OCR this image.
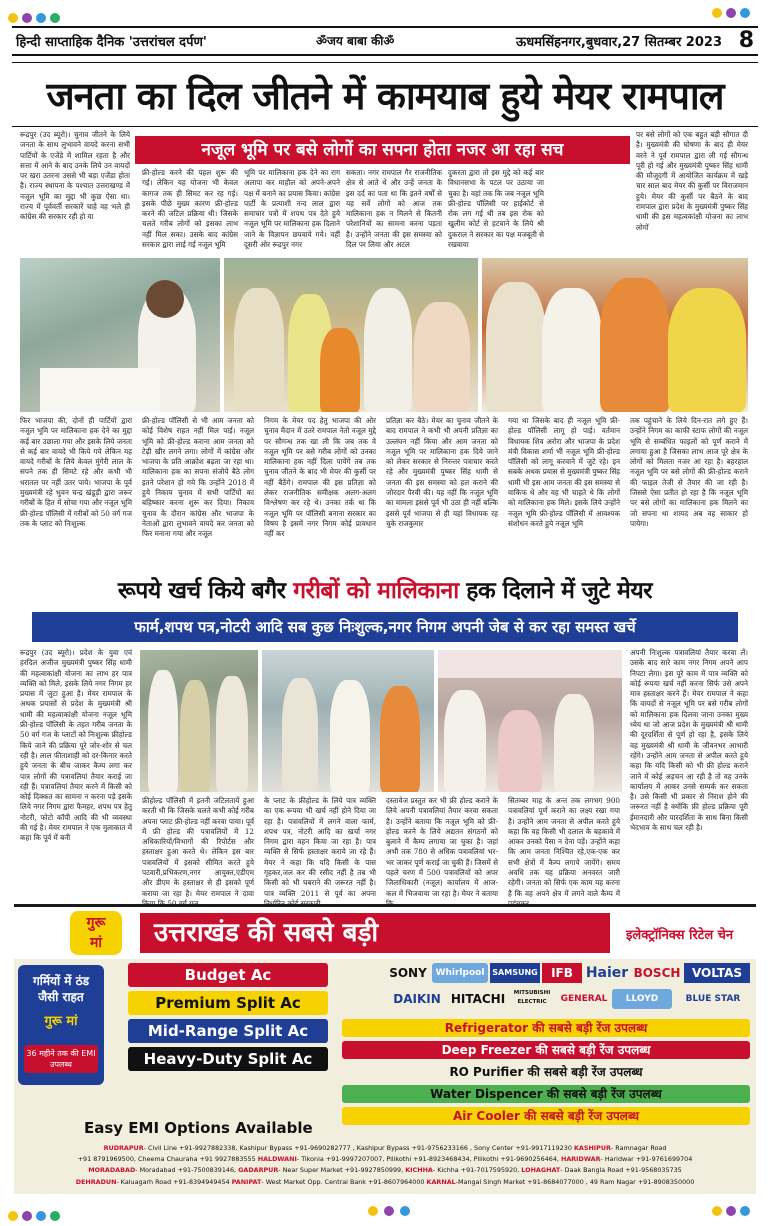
हिन्दी साप्ताहिक दैनिक 'उत्तरांचल दर्पण'	ॐजय बाबा कीॐ	ऊधमसिंहनगर,बुधवार,27 सितम्बर 2023 8
जनता का दिल जीतने में कामयाब हुये मेयर रामपाल
रूद्रपुर (उद ब्यूरो)। चुनाव जीतने के लिये जनता के साथ लुभावने वायदे करना सभी पार्टियों के एजेंडे में शामिल रहता है और सत्ता में आने के बाद उनके लिये उन वायदों पर खरा उतरना उससे भी बड़ा एजेंडा होता है। राज्य स्थापना के पश्चात उत्तराखण्ड में नजूल भूमि का मुद्दा भी कुछ ऐसा था। राज्य में पूर्ववर्ती सरकारें चाहे वह भले ही कांग्रेस की सरकार रही हो या
नजूल भूमि पर बसे लोगों का सपना होता नजर आ रहा सच
फ्री-होल्ड करने की पहल शुरू की गई। लेकिन यह योजना भी केवल कागज तक ही सिमट कर रह गई। इसके पीछे मुख्य कारण फ्री-होल्ड करने की जटिल प्रक्रिया थी। जिसके चलते गरीब लोगों को इसका लाभ नहीं मिल सका। उसके बाद कांग्रेस सरकार द्वारा लाई गई नजूल भूमि
भूमि पर मालिकाना हक देने का राग अलापा कर माहौल को अपने-अपने पक्ष में बनाने का प्रयास किया। कांग्रेस पार्टी के प्रत्याशी नन्द लाल द्वारा समाचार पत्रों में शपथ पत्र देते हुये नजूल भूमि पर मालिकाना हक दिलाने जाने के विज्ञापन छपवाये गये। वहीं दूसरी ओर रूद्रपुर नगर
सकता। नगर रामपाल गैर राजनीतिक क्षेत्र से आते थे और उन्हें जनता के इस दर्द का पता था कि इतने वर्षों से यह सर्वे लोगों को आज तक मालिकाना हक न मिलने से कितनी परेशानियों का सामना करना पड़ता है। उन्होंने जनता की इस समस्या को दिल पर लिया और अटल
दुकरता द्वारा तो इस मुद्दे को कई बार विधानसभा के पटल पर उठाया जा चुका है। वहां तक कि जब नजूल भूमि फ्री-होल्ड पॉलिसी पर हाईकोर्ट से रोक लग गई थी तब इस रोक को खुलीम कोर्ट से हटवाने के लिये श्री दुकराल ने सरकार का पक्ष मजबूती से रखवाया
पर बसे लोगों को एक बहुत बड़ी सौगात दी है। मुख्यमंत्री की घोषणा के बाद ही मेयर वरने ने पूर्व रामपाल द्वारा ली गई सौगन्ध पूरी हो गई और मुख्यमंत्री पुष्कर सिंह धामी की मौजूदगी में आयोजित कार्यक्रम में खड़े चार साल बाद मेयर की कुर्सी पर विराजमान हुये। मेयर की कुर्सी पर बैठने के बाद रामपाल द्वारा प्रदेश के मुख्यमंत्री पुष्कर सिंह धामी की इस महत्वकांक्षी योजना का लाभ लोगों
फिर भाजपा की, दोनों ही पार्टियों द्वारा नजूल भूमि पर मालिकाना हक देने का मुद्दा कई बार उछाला गया और इसके लिये जनता से कई बार वायदे भी किये गये लेकिन यह वायदे गरीबों के लिये केवल मुंगेरी लाल के सपने तक ही सिमटे रहे और कभी भी धरातल पर नहीं उतर पाये। भाजपा के पूर्व मुख्यमंत्री रहे भुवन चन्द्र खंडूड़ी द्वारा जरूर गरीबों के हित में सोचा गया और नजूल भूमि फ्री-होल्ड पॉलिसी में गरीबों को 50 वर्ग गज तक के प्लाट को निःशुल्क
फ्री-होल्ड पॉलिसी से भी आम जनता को कोई विशेष राहत नहीं मिल पाई। नजूल भूमि को फ्री-होल्ड कराना आम जनता को टेढ़ी खीर लगने लगा। लोगों में कांग्रेस और भाजपा के प्रति आक्रोश बढ़ता जा रहा था। मालिकाना हक का सपना संजोये बैठे लोग इतने परेशान हो गये कि उन्होंने 2018 में हुये निकाय चुनाव में सभी पार्टियों का बहिष्कार करना शुरू कर दिया। निकाय चुनाव के दौरान कांग्रेस और भाजपा के नेताओं द्वारा लुभावने वायदे कर जनता को फिर मनाना गया और नजूल
निगम के मेयर पद हेतु भाजपा की ओर चुनाव मैदान में उतरे रामपाल नेतो नजूल मुद्दे पर सौगन्ध तक खा ली कि जब तक वे नजूल भूमि पर बसे गरीब लोगों को उनका मालिकाना हक नहीं दिला पायेंगे तब तक चुनाव जीतने के बाद भी मेयर की कुर्सी पर नहीं बैठेंगे। रामपाल की इस प्रतिज्ञा को लेकर राजनीतिक समीक्षक अलग-अलग विश्लेषण कर रहे थे। उनका तर्क था कि नजूल भूमि पर पॉलिसी बनाना सरकार का विषय है इसमें नगर निगम कोई प्रावधान नहीं कर
प्रतिज्ञा कर बैठे। मेयर का चुनाव जीतने के बाद रामपाल ने कभी भी अपनी प्रतिज्ञा का उल्लंघन नहीं किया और आम जनता को नजूल भूमि पर मालिकाना हक दिये जाने को लेकर सरकार से निरन्तर पत्राचार करते रहे और मुख्यमंत्री पुष्कर सिंह धामी से जनता की इस समस्या को हल कराने की जोरदार पैरवी की। यह नहीं कि नजूल भूमि का मामला इससे पूर्व भी उठा ही नहीं बल्कि इससे पूर्व भाजपा से ही यहां विधायक रह चुके राजकुमार
गया था जिसके बाद ही नजूल भूमि फ्री-होल्ड पॉलिसी लागू हो पाई। वर्तमान विधायक शिव अरोरा और भाजपा के प्रदेश मंत्री विकास शर्मा भी नजूल भूमि फ्री-होल्ड पॉलिसी को लागू करवाने में जुटे रहे। इन सबके अथक प्रयास से मुख्यमंत्री पुष्कर सिंह धामी भी इस आम जनता की इस समस्या से वाकिफ थे और वह भी चाहते थे कि लोगों को मालिकाना हक मिले। इसके लिये उन्होंने नजूल भूमि फ्री-होल्ड पॉलिसी में आवश्यक संशोधन करते हुये नजूल भूमि
तक पहुंचाने के लिये दिन-रात लगे हुए हैं। उन्होंने निगम का काफी स्टाफ लोगों की नजूल भूमि से सम्बंधित फाइलों को पूर्ण कराने में लगाया हुआ है जिसका लाभ आज पूरे क्षेत्र के लोगों को मिलता नजर आ रहा है। बहरहाल नजूल भूमि पर बसे लोगों की फ्री-होल्ड कराने की फाइल तेजी से तैयार की जा रही है। जिससे ऐसा प्रतीत हो रहा है कि नजूल भूमि पर बसे लोगों का मालिकाना हक मिलने का जो सपना था शायद अब वह साकार हो पायेगा।
रूपये खर्च किये बगैर गरीबों को मालिकाना हक दिलाने में जुटे मेयर
फार्म,शपथ पत्र,नोटरी आदि सब कुछ निःशुल्क,नगर निगम अपनी जेब से कर रहा समस्त खर्चे
रूद्रपुर (उद ब्यूरो)। प्रदेश के युवा एवं हरदिल अजीज मुख्यमंत्री पुष्कर सिंह धामी की महत्वाकांक्षी योजना का लाभ हर पात्र व्यक्ति को मिले, इसके लिये नगर निगम हर प्रयास में जुटा हुआ है। मेयर रामपाल के अथक प्रयासों से प्रदेश के मुख्यमंत्री श्री धामी की महत्वाकांक्षी योजना नजूल भूमि फ्री-होल्ड पॉलिसी के तहत गरीब जनता के 50 वर्ग गज के प्लाटों को निःशुल्क फ्रीहोल्ड किये जाने की प्रक्रिया पूरे जोर-शोर से चल रही है। लाल फीताशाही को दर-किनार करते हुये जनता के बीच जाकर कैम्प लगा कर पात्र लोगों की पत्रावलियां तैयार कराई जा रही हैं। पत्रावलियां तैयार करने में किसी को कोई दिक्कत का सामना न करना पड़े इसके लिये नगर निगम द्वारा फैमहर, शपथ पत्र हेतु नोटरी, फोटो कॉपी आदि की भी व्यवस्था की गई है। मेयर रामपाल ने एक मुलाकात में कहा कि पूर्व में बनी
फ्रीहोल्ड पॉलिसी में इतनी जटिलतायें हुआ करती थी कि जिसके चलते कभी कोई गरीब अपना प्लाट फ्री-होल्ड नहीं करवा पाया। पूर्व में फ्री होल्ड की पत्रावलियों में 12 अधिकारियों/विभागों की रिपोर्टस और हस्ताक्षर हुआ करते थे। लेकिन इस बार पत्रावलियों में इसको सीमित करते हुये पटवारी,प्रभिकरण,नगर आयुक्त,एडीएम और डीएम के हस्ताक्षर से ही इसको पूर्ण कराया जा रहा है। मेयर रामपाल ने दावा
के प्लाट के फ्रीहोल्ड के लिये पात्र व्यक्ति का एक रूपया भी खर्च नहीं होने दिया जा रहा है। पत्रावलियों में लगने वाला फार्म, शपथ पत्र, नोटरी आदि का खर्चा नगर निगम द्वारा वहन किया जा रहा है। पात्र व्यक्ति से सिर्फ हस्ताक्षर कराये जा रहे हैं। मेयर ने कहा कि यदि किसी के पास गृहकर,जल कर की रसीद नहीं है तब भी किसी को भी घबराने की जरूरत नहीं है। पात्र व्यक्ति 2011 से पूर्व का अपना
दस्तावेज प्रस्तुत कर भी फ्री होल्ड कराने के लिये अपनी पत्रावलियां तैयार करवा सकता है। उन्होंने बताया कि नजूल भूमि को फ्री-होल्ड करने के लिये अद्यतन संगठनों को बुलाने में कैम्प लगाया जा चुका है। जहां अभी तक 780 से अधिक पत्रावलियां भर-भर जाकर पूर्ण कराई जा चुकी हैं। जिसमें से पहले चरण में 500 पत्रावलियों को अपर जिलाधिकारी (नजूल) कार्यालय में आज-कल में भिजवाया जा रहा है। मेयर ने बताया
सितम्बर माह के अन्त तक लगभग 900 पत्रावलियां पूर्ण कराने का लक्ष्य रखा गया है। उन्होंने आम जनता से अपील करते हुये कहा कि वह किसी भी दलाल के बहकावे में आकर उनको पैसा न देना पड़ें। उन्होंने कहा कि आम जनता निश्चित रहे,एक-एक कर सभी क्षेत्रों में कैम्प लगाये जायेंगे। समय अवधि तक यह प्रक्रिया अनवरत जारी रहेगी। जनता को सिर्फ एक काम यह करना है कि वह अपने क्षेत्र में लगने वाले कैम्प में
अपनी निःशुल्क पत्रावलियां तैयार करवा लें। उसके बाद सारे काम नगर निगम अपने आप निपटा लेगा। इस पूरे काम में पात्र व्यक्ति को कोई रूपया खर्च नहीं करना सिर्फ उसे अपने मात्र हस्ताक्षर करने हैं। मेयर रामपाल ने कहा कि वायदों से नजूल भूमि पर बसे गरीब लोगों को मालिकाना हक दिलवा जाना उनका मुख्य ध्येय था जो आज प्रदेश के मुख्यमंत्री श्री धामी की दूरदर्शिता से पूर्ण हो रहा है, इसके लिये वह मुख्यमंत्री श्री धामी के जीवनभर आभारी रहेंगे। उन्होंने आम जनता से अपील करते हुये कहा कि यदि किसी को भी फ्री होल्ड कराने जाने में कोई अड़चन आ रही है तो वह उनके कार्यालय में आकर उनसे सम्पर्क कर सकता है। उसे किसी भी प्रकार से निराश होने की जरूरत नहीं है क्योंकि फ्री होल्ड प्रक्रिया पूरी ईमानदारी और पारदर्शिता के साथ बिना किसी भेदभाव के साथ चल रही है।
गुरू
मां	उत्तराखंड की सबसे बड़ी	इलेक्ट्रॉनिक्स रिटेल चेन
गर्मियों में ठंड
जैसी राहत
गुरू मां
36 महीने तक की EMI उपलब्ध
Budget Ac
Premium Split Ac
Mid-Range Split Ac
Heavy-Duty Split Ac
Easy EMI Options Available
SONY Whirlpool SAMSUNG	IFB Haier BOSCH VOLTAS
DAIKIN HITACHI	MITSUBISHI ELECTRIC	GENERAL	LLOYD	BLUE STAR
Refrigerator की सबसे बड़ी रेंज उपलब्ध
Deep Freezer की सबसे बड़ी रेंज उपलब्ध
RO Purifier की सबसे बड़ी रेंज उपलब्ध
Water Dispencer की सबसे बड़ी रेंज उपलब्ध
Air Cooler की सबसे बड़ी रेंज उपलब्ध
RUDRAPUR- Civil Line +91-9927882338, Kashipur Bypass +91-9690282777 , Kashipur Bypass +91-9756233166 , Sony Center +91-9917119230 KASHIPUR- Ramnagar Road
+91 8791969500, Cheema Chauraha +91 9927883555 HALDWANI- Tikonia +91-9997207007, Pilikothi +91-8923468434, Pilikothi +91-9690256464, HARIDWAR- Haridwar +91-9761699704
MORADABAD- Moradabad +91-7500839146, GADARPUR- Near Super Market +91-9927850999, KICHHA- Kichha +91-7017595920, LOHAGHAT- Daak Bangla Road +91-9568035735
DEHRADUN- Kaluagarh Road +91-8394949454 PANIPAT- West Market Opp. Central Bank +91-8607964000 KARNAL-Mangal Singh Market +91-8684077000 , 49 Ram Nagar +91-8908350000
